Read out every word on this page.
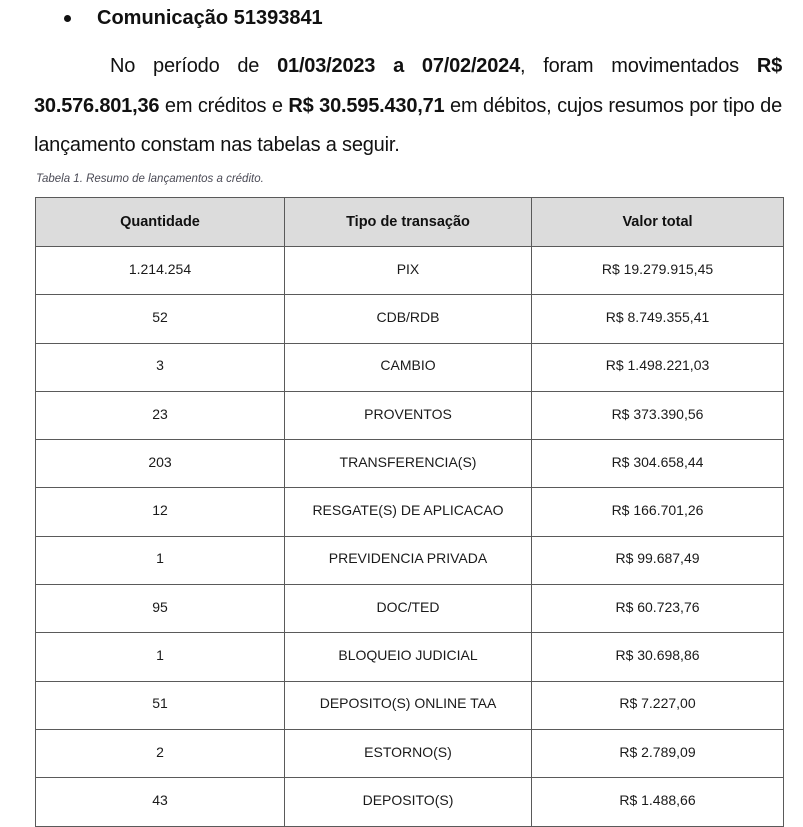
Comunicação 51393841

No período de 01/03/2023 a 07/02/2024, foram movimentados R$ 30.576.801,36 em créditos e R$ 30.595.430,71 em débitos, cujos resumos por tipo de lançamento constam nas tabelas a seguir.

Tabela 1. Resumo de lançamentos a crédito.
Quantidade	Tipo de transação	Valor total
1.214.254	PIX	R$ 19.279.915,45
52	CDB/RDB	R$ 8.749.355,41
3	CAMBIO	R$ 1.498.221,03
23	PROVENTOS	R$ 373.390,56
203	TRANSFERENCIA(S)	R$ 304.658,44
12	RESGATE(S) DE APLICACAO	R$ 166.701,26
1	PREVIDENCIA PRIVADA	R$ 99.687,49
95	DOC/TED	R$ 60.723,76
1	BLOQUEIO JUDICIAL	R$ 30.698,86
51	DEPOSITO(S) ONLINE TAA	R$ 7.227,00
2	ESTORNO(S)	R$ 2.789,09
43	DEPOSITO(S)	R$ 1.488,66
